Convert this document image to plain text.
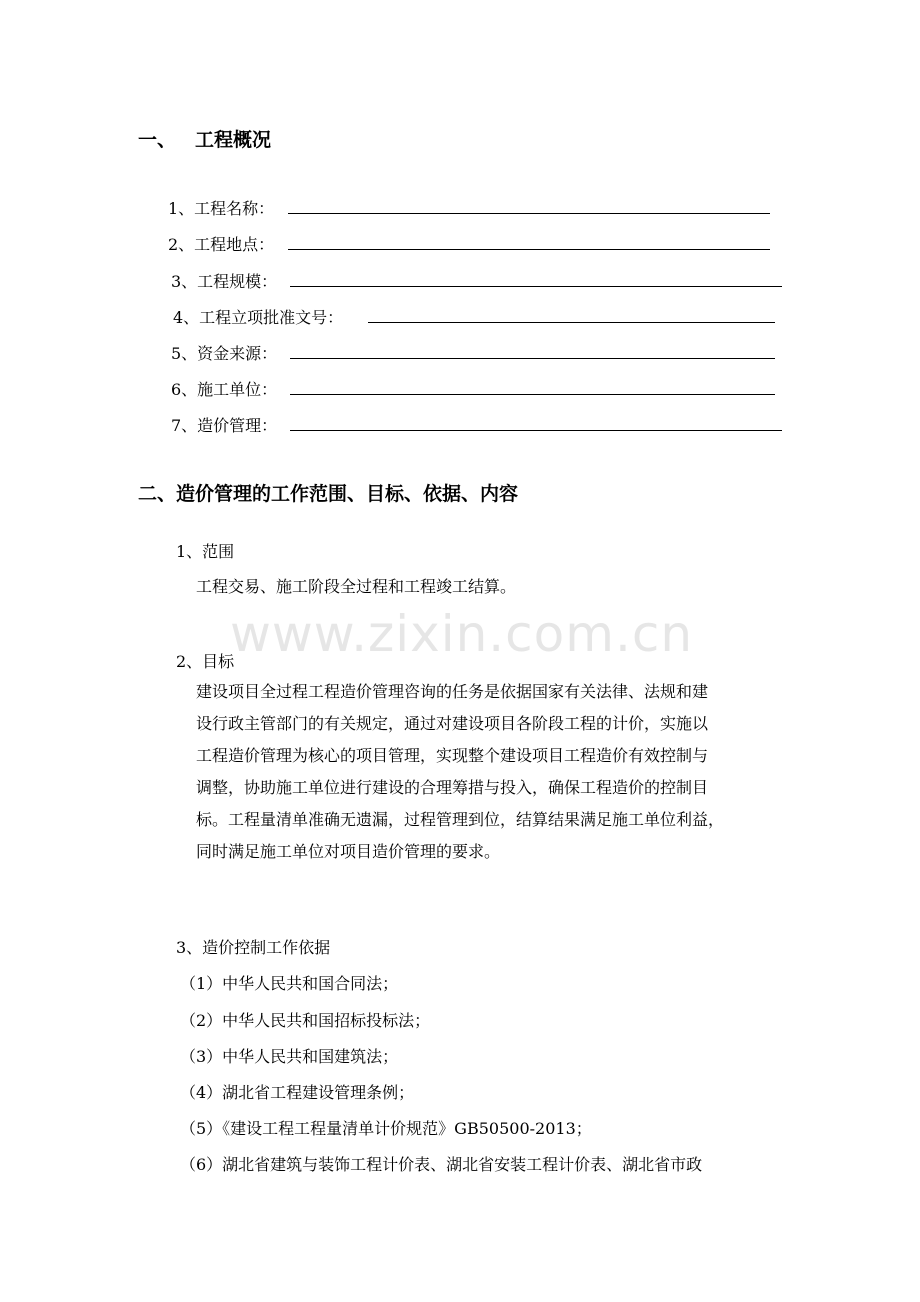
www.zixin.com.cn
一、 工程概况
1、工程名称：
2、工程地点：
3、工程规模：
4、工程立项批准文号：
5、资金来源：
6、施工单位：
7、造价管理：
二、造价管理的工作范围、目标、依据、内容
1、范围
工程交易、施工阶段全过程和工程竣工结算。
2、目标
建设项目全过程工程造价管理咨询的任务是依据国家有关法律、法规和建
设行政主管部门的有关规定，通过对建设项目各阶段工程的计价，实施以
工程造价管理为核心的项目管理，实现整个建设项目工程造价有效控制与
调整，协助施工单位进行建设的合理筹措与投入，确保工程造价的控制目
标。工程量清单准确无遗漏，过程管理到位，结算结果满足施工单位利益，
同时满足施工单位对项目造价管理的要求。
3、造价控制工作依据
（1）中华人民共和国合同法；
（2）中华人民共和国招标投标法；
（3）中华人民共和国建筑法；
（4）湖北省工程建设管理条例；
（5）《建设工程工程量清单计价规范》GB50500-2013；
（6）湖北省建筑与装饰工程计价表、湖北省安装工程计价表、湖北省市政
